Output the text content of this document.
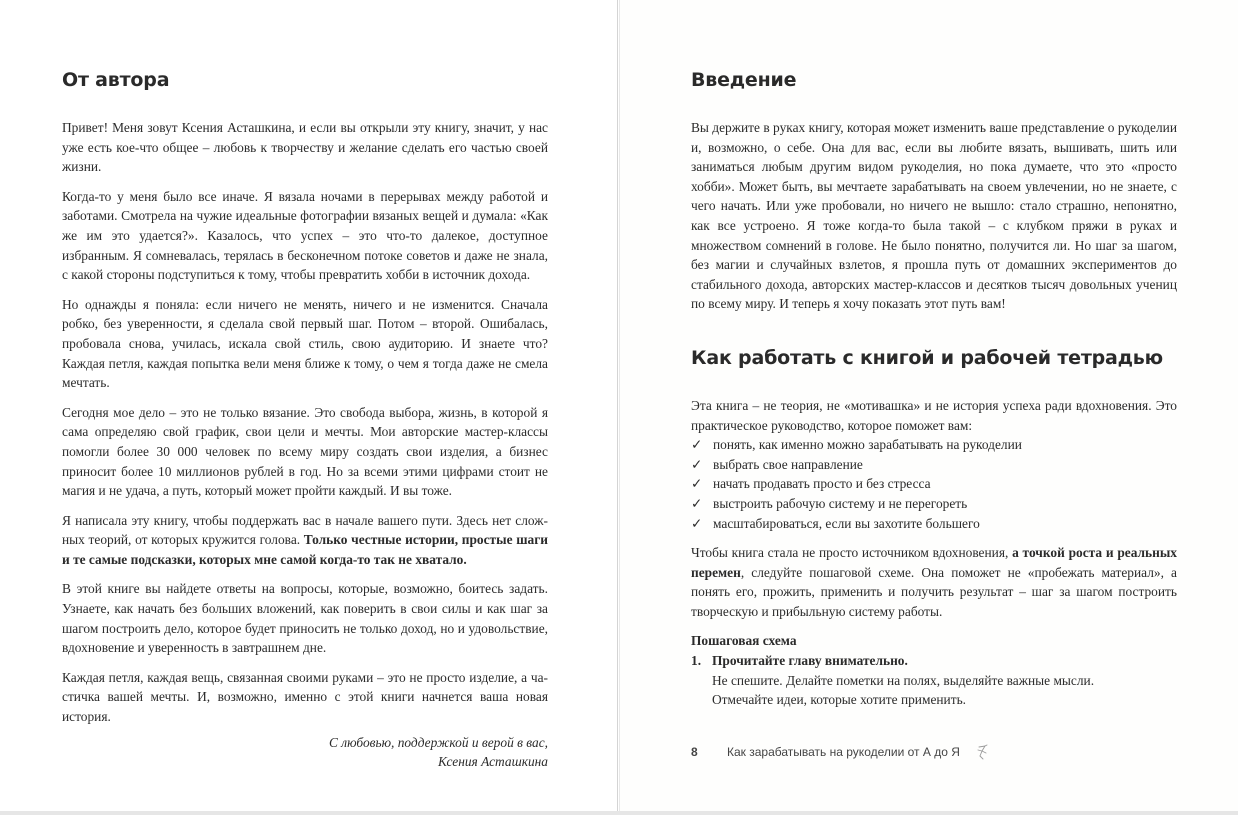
От автора

Привет! Меня зовут Ксения Асташкина, и если вы открыли эту книгу, значит, у нас уже есть кое-что общее – любовь к творчеству и желание сделать его частью своей жизни.

Когда-то у меня было все иначе. Я вязала ночами в перерывах между работой и заботами. Смотрела на чужие идеальные фотографии вязаных вещей и думала: «Как же им это удается?». Казалось, что успех – это что-то далекое, доступное избранным. Я сомневалась, терялась в бесконечном потоке советов и даже не знала, с какой стороны подступиться к тому, чтобы превратить хобби в источник дохода.

Но однажды я поняла: если ничего не менять, ничего и не изменится. Сначала робко, без уверенности, я сделала свой первый шаг. Потом – второй. Ошибалась, пробовала снова, училась, искала свой стиль, свою аудиторию. И знаете что? Каждая петля, каждая попытка вели меня ближе к тому, о чем я тогда даже не смела мечтать.

Сегодня мое дело – это не только вязание. Это свобода выбора, жизнь, в которой я сама определяю свой график, свои цели и мечты. Мои авторские мастер-классы помогли более 30 000 человек по всему миру создать свои изделия, а бизнес приносит более 10 миллионов рублей в год. Но за всеми этими цифрами стоит не магия и не удача, а путь, который может пройти каждый. И вы тоже.

Я написала эту книгу, чтобы поддержать вас в начале вашего пути. Здесь нет сложных теорий, от которых кружится голова. Только честные истории, простые шаги и те самые подсказки, которых мне самой когда-то так не хватало.

В этой книге вы найдете ответы на вопросы, которые, возможно, боитесь задать. Узнаете, как начать без больших вложений, как поверить в свои силы и как шаг за шагом построить дело, которое будет приносить не только доход, но и удовольствие, вдохновение и уверенность в завтрашнем дне.

Каждая петля, каждая вещь, связанная своими руками – это не просто изделие, а частичка вашей мечты. И, возможно, именно с этой книги начнется ваша новая история.

С любовью, поддержкой и верой в вас,
Ксения Асташкина
Введение

Вы держите в руках книгу, которая может изменить ваше представление о рукоделии и, возможно, о себе. Она для вас, если вы любите вязать, вышивать, шить или заниматься любым другим видом рукоделия, но пока думаете, что это «просто хобби». Может быть, вы мечтаете зарабатывать на своем увлечении, но не знаете, с чего начать. Или уже пробовали, но ничего не вышло: стало страшно, непонятно, как все устроено. Я тоже когда-то была такой – с клубком пряжи в руках и множеством сомнений в голове. Не было понятно, получится ли. Но шаг за шагом, без магии и случайных взлетов, я прошла путь от домашних экспериментов до стабильного дохода, авторских мастер-классов и десятков тысяч довольных учениц по всему миру. И теперь я хочу показать этот путь вам!

Как работать с книгой и рабочей тетрадью

Эта книга – не теория, не «мотивашка» и не история успеха ради вдохновения. Это практическое руководство, которое поможет вам:

✓ понять, как именно можно зарабатывать на рукоделии
✓ выбрать свое направление
✓ начать продавать просто и без стресса
✓ выстроить рабочую систему и не перегореть
✓ масштабироваться, если вы захотите большего

Чтобы книга стала не просто источником вдохновения, а точкой роста и реальных перемен, следуйте пошаговой схеме. Она поможет не «пробежать материал», а понять его, прожить, применить и получить результат – шаг за шагом построить творческую и прибыльную систему работы.

Пошаговая схема
1. Прочитайте главу внимательно.
Не спешите. Делайте пометки на полях, выделяйте важные мысли.
Отмечайте идеи, которые хотите применить.
8	Как зарабатывать на рукоделии от А до Я
